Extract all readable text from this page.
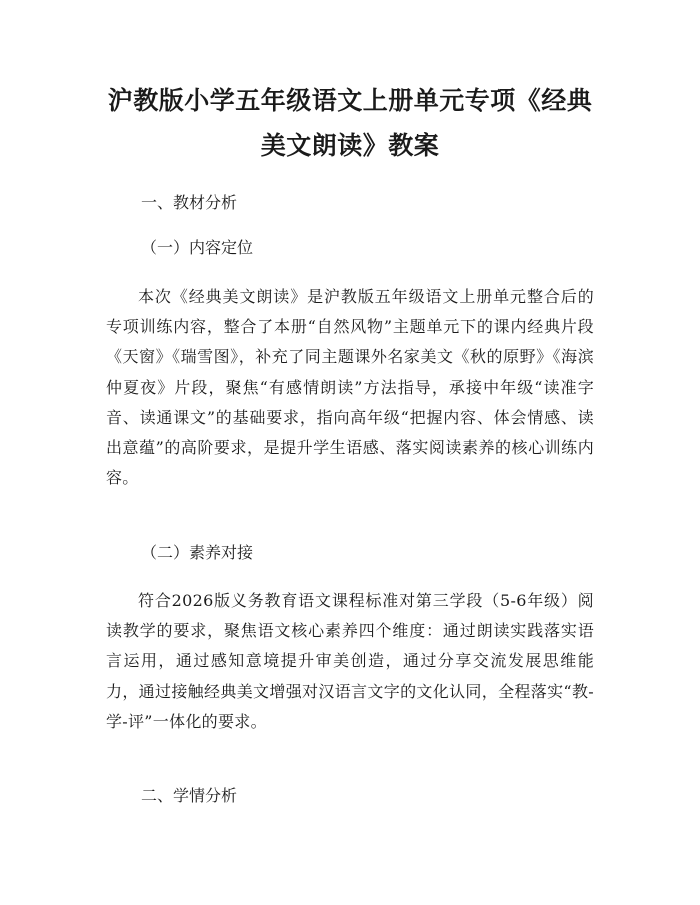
沪教版小学五年级语文上册单元专项《经典
美文朗读》教案
一、教材分析
（一）内容定位

本次《经典美文朗读》是沪教版五年级语文上册单元整合后的专项训练内容，整合了本册“自然风物”主题单元下的课内经典片段《天窗》《瑞雪图》，补充了同主题课外名家美文《秋的原野》《海滨仲夏夜》片段，聚焦“有感情朗读”方法指导，承接中年级“读准字音、读通课文”的基础要求，指向高年级“把握内容、体会情感、读出意蕴”的高阶要求，是提升学生语感、落实阅读素养的核心训练内容。

（二）素养对接

符合2026版义务教育语文课程标准对第三学段（5-6年级）阅读教学的要求，聚焦语文核心素养四个维度：通过朗读实践落实语言运用，通过感知意境提升审美创造，通过分享交流发展思维能力，通过接触经典美文增强对汉语言文字的文化认同，全程落实“教-学-评”一体化的要求。

二、学情分析
